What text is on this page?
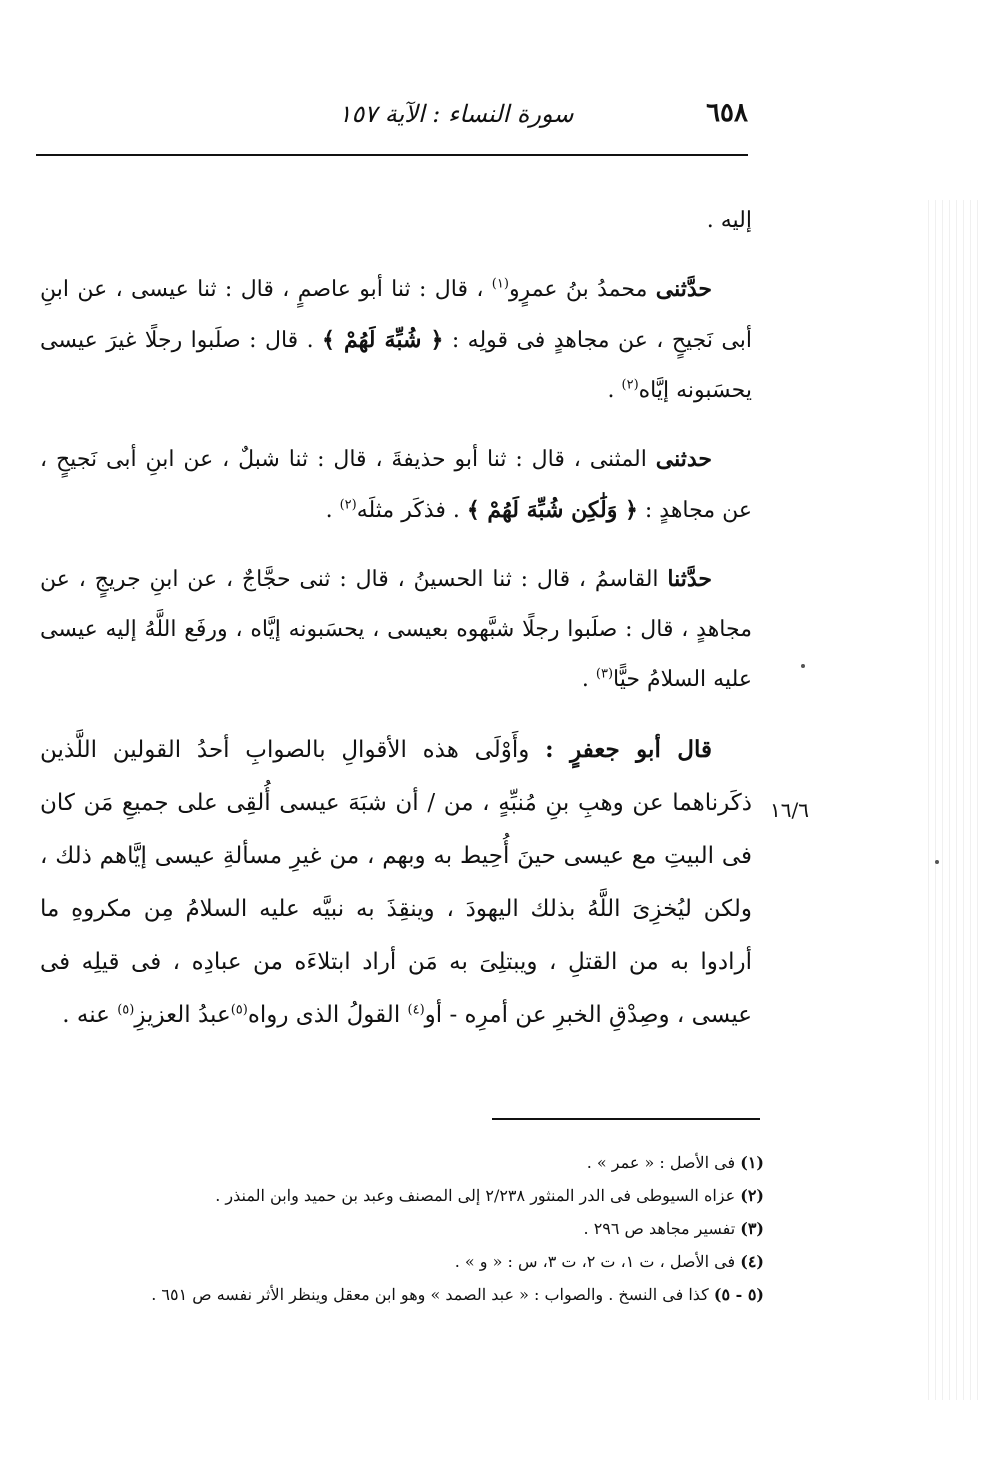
٦٥٨
سورة النساء : الآية ١٥٧

إليه .

حدَّثنى محمدُ بنُ عمرٍو$^{(١)}$ ، قال : ثنا أبو عاصمٍ ، قال : ثنا عيسى ، عن ابنِ أبى نَجيحٍ ، عن مجاهدٍ فى قولِه : ﴿ شُبِّهَ لَهُمْ ﴾ . قال : صلَبوا رجلًا غيرَ عيسى يحسَبونه إيَّاه$^{(٢)}$ .

حدثنى المثنى ، قال : ثنا أبو حذيفةَ ، قال : ثنا شبلٌ ، عن ابنِ أبى نَجيحٍ ، عن مجاهدٍ : ﴿ وَلَٰكِن شُبِّهَ لَهُمْ ﴾ . فذكَر مثلَه$^{(٢)}$ .

حدَّثنا القاسمُ ، قال : ثنا الحسينُ ، قال : ثنى حجَّاجٌ ، عن ابنِ جريجٍ ، عن مجاهدٍ ، قال : صلَبوا رجلًا شبَّهوه بعيسى ، يحسَبونه إيَّاه ، ورفَع اللَّهُ إليه عيسى عليه السلامُ حيًّا$^{(٣)}$ .

قال أبو جعفرٍ : وأَوْلَى هذه الأقوالِ بالصوابِ أحدُ القولين اللَّذين ذكَرناهما عن وهبِ بنِ مُنبِّهٍ ، من / أن شبَهَ عيسى أُلقِى على جميعِ مَن كان فى البيتِ مع عيسى حينَ أُحِيط به وبهم ، من غيرِ مسألةِ عيسى إيَّاهم ذلك ، ولكن ليُخزِىَ اللَّهُ بذلك اليهودَ ، وينقِذَ به نبيَّه عليه السلامُ مِن مكروهِ ما أرادوا به من القتلِ ، ويبتلِىَ به مَن أراد ابتلاءَه من عبادِه ، فى قيلِه فى عيسى ، وصِدْقِ الخبرِ عن أمرِه - أو$^{(٤)}$ القولُ الذى رواه$^{(٥)}$عبدُ العزيزِ$^{(٥)}$ عنه .

١٦/٦

(١) فى الأصل : « عمر » .

(٢) عزاه السيوطى فى الدر المنثور ٢/٢٣٨ إلى المصنف وعبد بن حميد وابن المنذر .

(٣) تفسير مجاهد ص ٢٩٦ .

(٤) فى الأصل ، ت ١، ت ٢، ت ٣، س : « و » .

(٥ - ٥) كذا فى النسخ . والصواب : « عبد الصمد » وهو ابن معقل وينظر الأثر نفسه ص ٦٥١ .
